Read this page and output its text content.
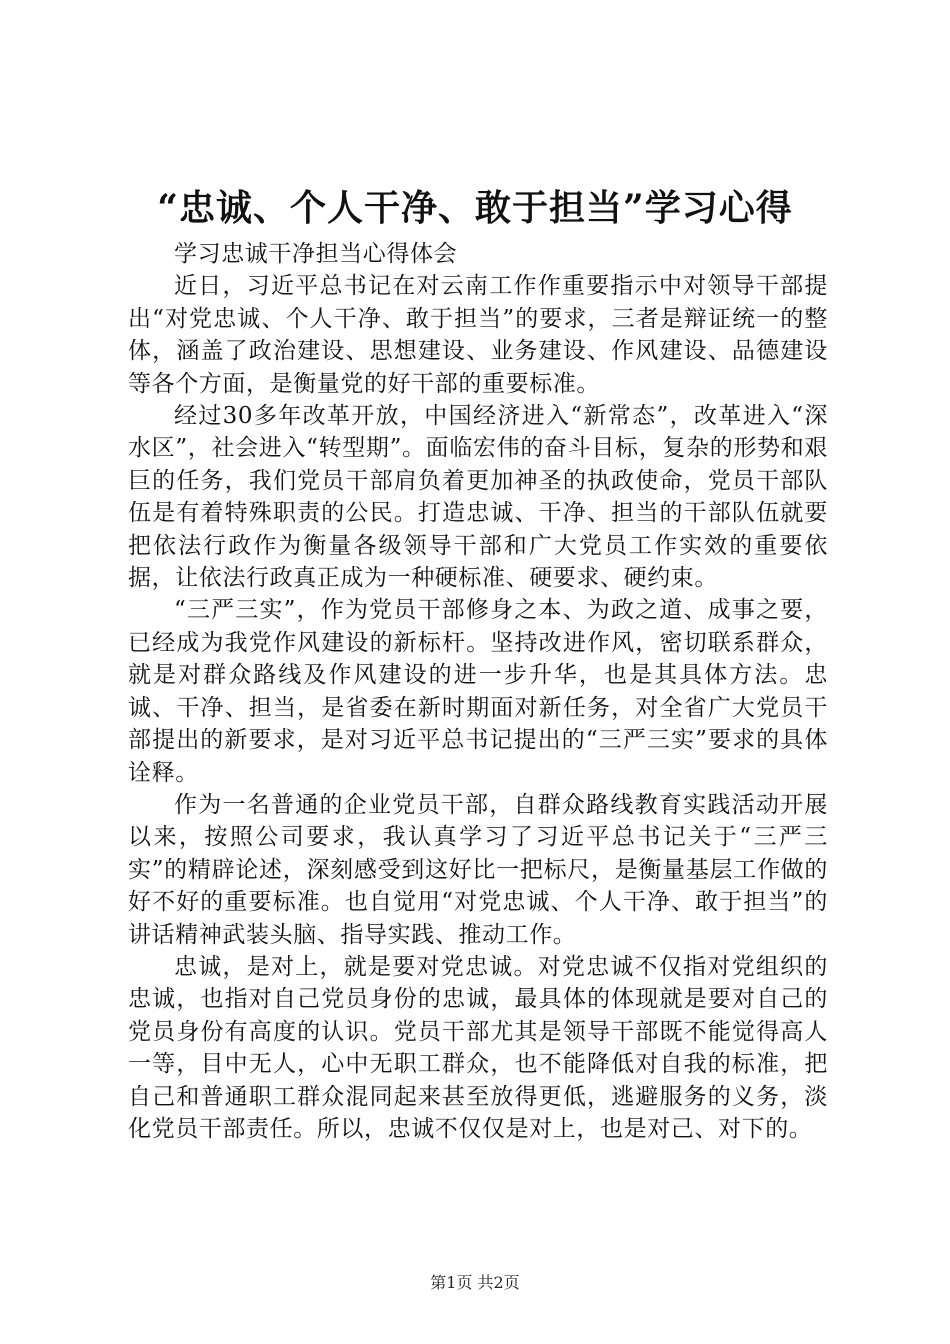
“忠诚、个人干净、敢于担当”学习心得

学习忠诚干净担当心得体会

近日，习近平总书记在对云南工作作重要指示中对领导干部提出“对党忠诚、个人干净、敢于担当”的要求，三者是辩证统一的整体，涵盖了政治建设、思想建设、业务建设、作风建设、品德建设等各个方面，是衡量党的好干部的重要标准。

经过30多年改革开放，中国经济进入“新常态”，改革进入“深水区”，社会进入“转型期”。面临宏伟的奋斗目标，复杂的形势和艰巨的任务，我们党员干部肩负着更加神圣的执政使命，党员干部队伍是有着特殊职责的公民。打造忠诚、干净、担当的干部队伍就要把依法行政作为衡量各级领导干部和广大党员工作实效的重要依据，让依法行政真正成为一种硬标准、硬要求、硬约束。

“三严三实”，作为党员干部修身之本、为政之道、成事之要，已经成为我党作风建设的新标杆。坚持改进作风，密切联系群众，就是对群众路线及作风建设的进一步升华，也是其具体方法。忠诚、干净、担当，是省委在新时期面对新任务，对全省广大党员干部提出的新要求，是对习近平总书记提出的“三严三实”要求的具体诠释。

作为一名普通的企业党员干部，自群众路线教育实践活动开展以来，按照公司要求，我认真学习了习近平总书记关于“三严三实”的精辟论述，深刻感受到这好比一把标尺，是衡量基层工作做的好不好的重要标准。也自觉用“对党忠诚、个人干净、敢于担当”的讲话精神武装头脑、指导实践、推动工作。

忠诚，是对上，就是要对党忠诚。对党忠诚不仅指对党组织的忠诚，也指对自己党员身份的忠诚，最具体的体现就是要对自己的党员身份有高度的认识。党员干部尤其是领导干部既不能觉得高人一等，目中无人，心中无职工群众，也不能降低对自我的标准，把自己和普通职工群众混同起来甚至放得更低，逃避服务的义务，淡化党员干部责任。所以，忠诚不仅仅是对上，也是对己、对下的。

第1页 共2页
